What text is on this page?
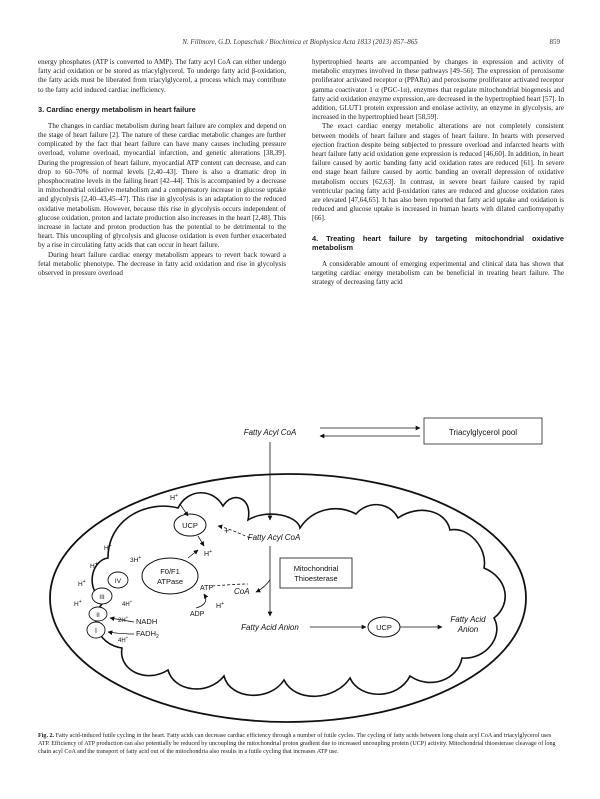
N. Fillmore, G.D. Lopaschuk / Biochimica et Biophysica Acta 1833 (2013) 857–865	859

energy phosphates (ATP is converted to AMP). The fatty acyl CoA can either undergo fatty acid oxidation or be stored as triacylglycerol. To undergo fatty acid β-oxidation, the fatty acids must be liberated from triacylglycerol, a process which may contribute to the fatty acid induced cardiac inefficiency.

3. Cardiac energy metabolism in heart failure

The changes in cardiac metabolism during heart failure are complex and depend on the stage of heart failure [2]. The nature of these cardiac metabolic changes are further complicated by the fact that heart failure can have many causes including pressure overload, volume overload, myocardial infarction, and genetic alterations [38,39]. During the progression of heart failure, myocardial ATP content can decrease, and can drop to 60–70% of normal levels [2,40–43]. There is also a dramatic drop in phosphocreatine levels in the failing heart [42–44]. This is accompanied by a decrease in mitochondrial oxidative metabolism and a compensatory increase in glucose uptake and glycolysis [2,40–43,45–47]. This rise in glycolysis is an adaptation to the reduced oxidative metabolism. However, because this rise in glycolysis occurs independent of glucose oxidation, proton and lactate production also increases in the heart [2,48]. This increase in lactate and proton production has the potential to be detrimental to the heart. This uncoupling of glycolysis and glucose oxidation is even further exacerbated by a rise in circulating fatty acids that can occur in heart failure.

During heart failure cardiac energy metabolism appears to revert back toward a fetal metabolic phenotype. The decrease in fatty acid oxidation and rise in glycolysis observed in pressure overload

hypertrophied hearts are accompanied by changes in expression and activity of metabolic enzymes involved in these pathways [49–56]. The expression of peroxisome proliferator activated receptor α (PPARα) and peroxisome proliferator activated receptor gamma coactivator 1 α (PGC-1α), enzymes that regulate mitochondrial biogenesis and fatty acid oxidation enzyme expression, are decreased in the hypertrophied heart [57]. In addition, GLUT1 protein expression and enolase activity, an enzyme in glycolysis, are increased in the hypertrophied heart [58,59].

The exact cardiac energy metabolic alterations are not completely consistent between models of heart failure and stages of heart failure. In hearts with preserved ejection fraction despite being subjected to pressure overload and infarcted hearts with heart failure fatty acid oxidation gene expression is reduced [46,60]. In addition, in heart failure caused by aortic banding fatty acid oxidation rates are reduced [61]. In severe end stage heart failure caused by aortic banding an overall depression of oxidative metabolism occurs [62,63]. In contrast, in severe heart failure caused by rapid ventricular pacing fatty acid β-oxidation rates are reduced and glucose oxidation rates are elevated [47,64,65]. It has also been reported that fatty acid uptake and oxidation is reduced and glucose uptake is increased in human hearts with dilated cardiomyopathy [66].

4. Treating heart failure by targeting mitochondrial oxidative metabolism

A considerable amount of emerging experimental and clinical data has shown that targeting cardiac energy metabolism can be beneficial in treating heart failure. The strategy of decreasing fatty acid

Fatty Acyl CoA	Triacylglycerol pool
UCP
H+
H+
+
Fatty Acyl CoA
CoA
Mitochondrial
Thioesterase
Fatty Acid Anion	UCP
Fatty Acid
Anion
F0/F1
ATPase
ATP
ADP
3H+
H+
I
II
III
IV
H+
H+
H+
H+	4H+
2H+
4H+
NADH
$FADH_2$
Fig. 2. Fatty acid-induced futile cycling in the heart. Fatty acids can decrease cardiac efficiency through a number of futile cycles. The cycling of fatty acids between long chain acyl CoA and triacylglycerol uses ATP. Efficiency of ATP production can also potentially be reduced by uncoupling the mitochondrial proton gradient due to increased uncoupling protein (UCP) activity. Mitochondrial thioesterase cleavage of long chain acyl CoA and the transport of fatty acid out of the mitochondria also results in a futile cycling that increases ATP use.
